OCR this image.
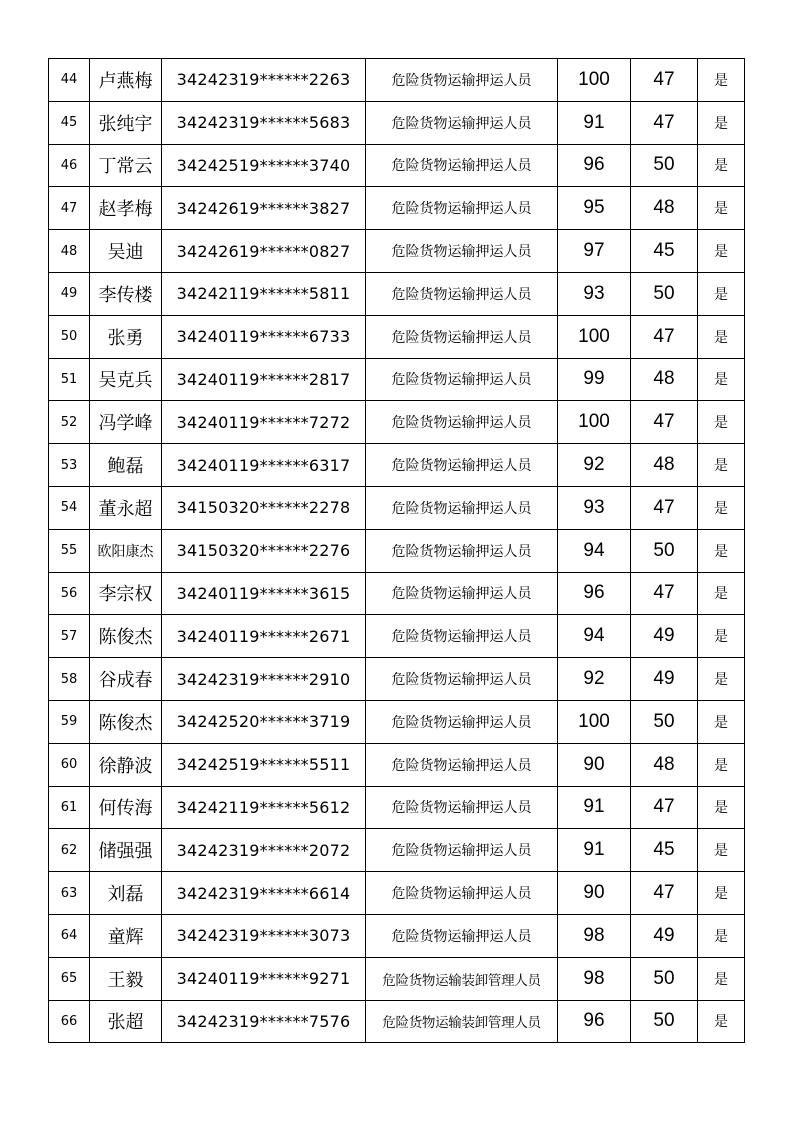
44	卢燕梅	34242319******2263	危险货物运输押运人员	100	47	是
45	张纯宇	34242319******5683	危险货物运输押运人员	91	47	是
46	丁常云	34242519******3740	危险货物运输押运人员	96	50	是
47	赵孝梅	34242619******3827	危险货物运输押运人员	95	48	是
48	吴迪	34242619******0827	危险货物运输押运人员	97	45	是
49	李传楼	34242119******5811	危险货物运输押运人员	93	50	是
50	张勇	34240119******6733	危险货物运输押运人员	100	47	是
51	吴克兵	34240119******2817	危险货物运输押运人员	99	48	是
52	冯学峰	34240119******7272	危险货物运输押运人员	100	47	是
53	鲍磊	34240119******6317	危险货物运输押运人员	92	48	是
54	董永超	34150320******2278	危险货物运输押运人员	93	47	是
55	欧阳康杰	34150320******2276	危险货物运输押运人员	94	50	是
56	李宗权	34240119******3615	危险货物运输押运人员	96	47	是
57	陈俊杰	34240119******2671	危险货物运输押运人员	94	49	是
58	谷成春	34242319******2910	危险货物运输押运人员	92	49	是
59	陈俊杰	34242520******3719	危险货物运输押运人员	100	50	是
60	徐静波	34242519******5511	危险货物运输押运人员	90	48	是
61	何传海	34242119******5612	危险货物运输押运人员	91	47	是
62	储强强	34242319******2072	危险货物运输押运人员	91	45	是
63	刘磊	34242319******6614	危险货物运输押运人员	90	47	是
64	童辉	34242319******3073	危险货物运输押运人员	98	49	是
65	王毅	34240119******9271	危险货物运输装卸管理人员	98	50	是
66	张超	34242319******7576	危险货物运输装卸管理人员	96	50	是
